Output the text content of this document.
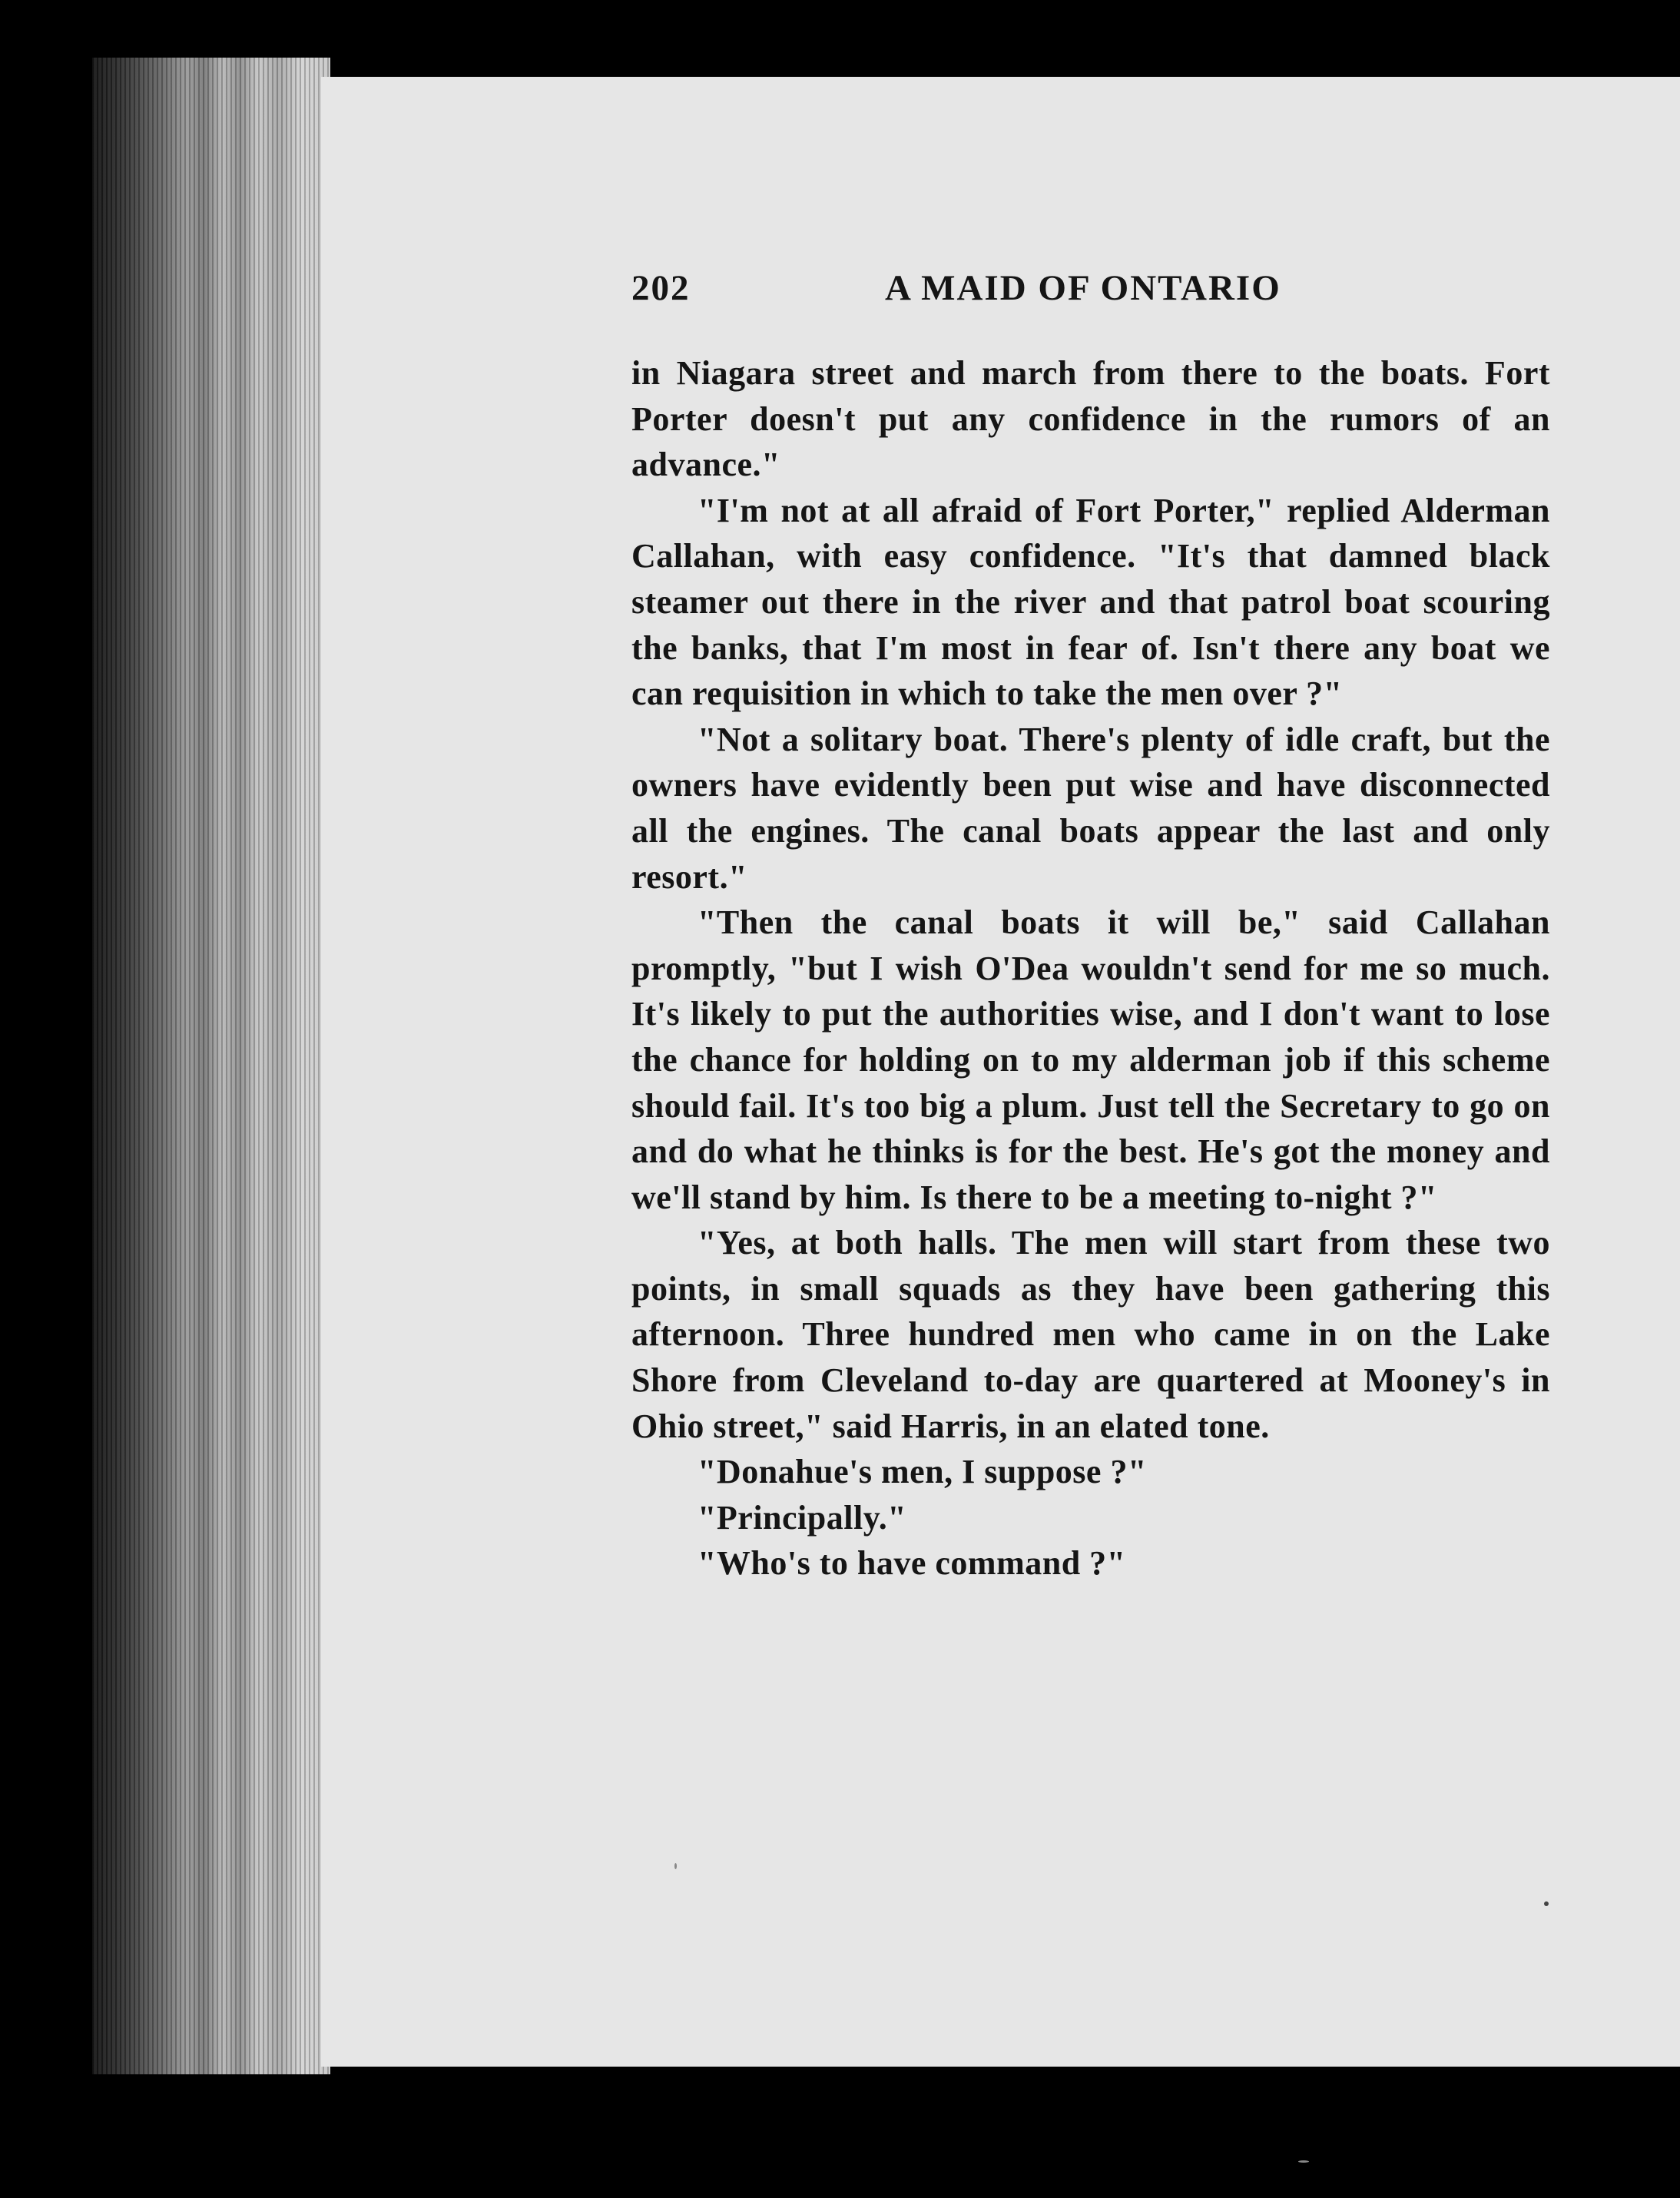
202	A MAID OF ONTARIO

in Niagara street and march from there to the boats. Fort Porter doesn't put any confidence in the rumors of an advance."

"I'm not at all afraid of Fort Porter," replied Alderman Callahan, with easy confidence. "It's that damned black steamer out there in the river and that patrol boat scouring the banks, that I'm most in fear of. Isn't there any boat we can requisition in which to take the men over ?"

"Not a solitary boat. There's plenty of idle craft, but the owners have evidently been put wise and have disconnected all the engines. The canal boats appear the last and only resort."

"Then the canal boats it will be," said Callahan promptly, "but I wish O'Dea wouldn't send for me so much. It's likely to put the authorities wise, and I don't want to lose the chance for holding on to my alderman job if this scheme should fail. It's too big a plum. Just tell the Secretary to go on and do what he thinks is for the best. He's got the money and we'll stand by him. Is there to be a meeting to-night ?"

"Yes, at both halls. The men will start from these two points, in small squads as they have been gathering this afternoon. Three hundred men who came in on the Lake Shore from Cleveland to-day are quartered at Mooney's in Ohio street," said Harris, in an elated tone.

"Donahue's men, I suppose ?"

"Principally."

"Who's to have command ?"
